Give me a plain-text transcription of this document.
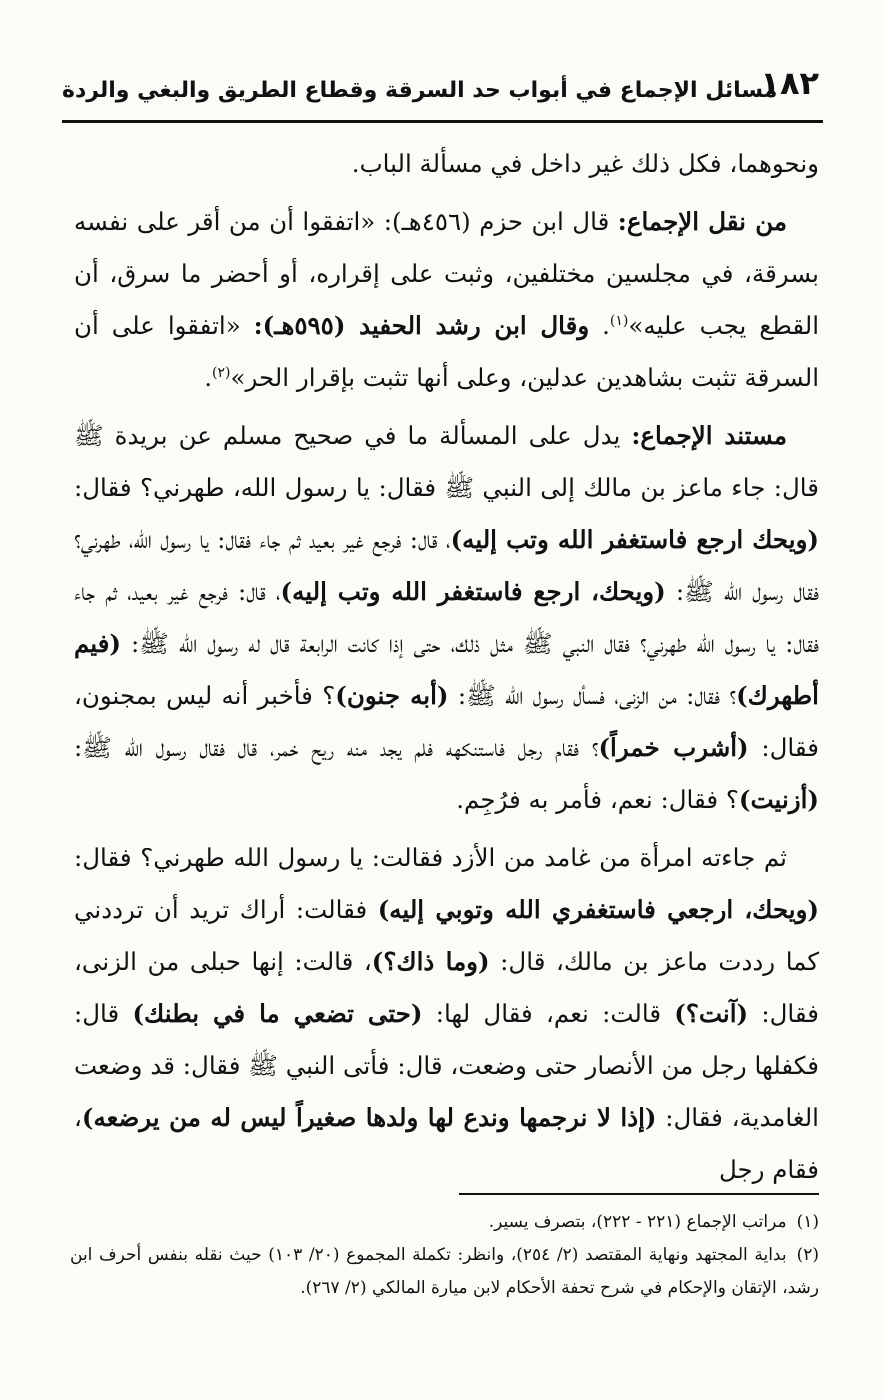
١٨٢
مسائل الإجماع في أبواب حد السرقة وقطاع الطريق والبغي والردة

ونحوهما، فكل ذلك غير داخل في مسألة الباب.

من نقل الإجماع: قال ابن حزم (٤٥٦هـ): «اتفقوا أن من أقر على نفسه بسرقة، في مجلسين مختلفين، وثبت على إقراره، أو أحضر ما سرق، أن القطع يجب عليه»$^{(١)}$. وقال ابن رشد الحفيد (٥٩٥هـ): «اتفقوا على أن السرقة تثبت بشاهدين عدلين، وعلى أنها تثبت بإقرار الحر»$^{(٢)}$.

مستند الإجماع: يدل على المسألة ما في صحيح مسلم عن بريدة ﷺ قال: جاء ماعز بن مالك إلى النبي ﷺ فقال: يا رسول الله، طهرني؟ فقال: (ويحك ارجع فاستغفر الله وتب إليه)، قال: فرجع غير بعيد ثم جاء فقال: يا رسول الله، طهرني؟ فقال رسول الله ﷺ: (ويحك، ارجع فاستغفر الله وتب إليه)، قال: فرجع غير بعيد، ثم جاء فقال: يا رسول الله طهرني؟ فقال النبي ﷺ مثل ذلك، حتى إذا كانت الرابعة قال له رسول الله ﷺ: (فيم أطهرك)؟ فقال: من الزنى، فسأل رسول الله ﷺ: (أبه جنون)؟ فأخبر أنه ليس بمجنون، فقال: (أشرب خمراً)؟ فقام رجل فاستنكهه فلم يجد منه ريح خمر، قال فقال رسول الله ﷺ: (أزنيت)؟ فقال: نعم، فأمر به فرُجِم.

ثم جاءته امرأة من غامد من الأزد فقالت: يا رسول الله طهرني؟ فقال: (ويحك، ارجعي فاستغفري الله وتوبي إليه) فقالت: أراك تريد أن ترددني كما رددت ماعز بن مالك، قال: (وما ذاك؟)، قالت: إنها حبلى من الزنى، فقال: (آنت؟) قالت: نعم، فقال لها: (حتى تضعي ما في بطنك) قال: فكفلها رجل من الأنصار حتى وضعت، قال: فأتى النبي ﷺ فقال: قد وضعت الغامدية، فقال: (إذا لا نرجمها وندع لها ولدها صغيراً ليس له من يرضعه)، فقام رجل

(١)مراتب الإجماع (٢٢١ - ٢٢٢)، بتصرف يسير.

(٢)بداية المجتهد ونهاية المقتصد (٢/ ٢٥٤)، وانظر: تكملة المجموع (٢٠/ ١٠٣) حيث نقله بنفس أحرف ابن رشد، الإتقان والإحكام في شرح تحفة الأحكام لابن ميارة المالكي (٢/ ٢٦٧).
